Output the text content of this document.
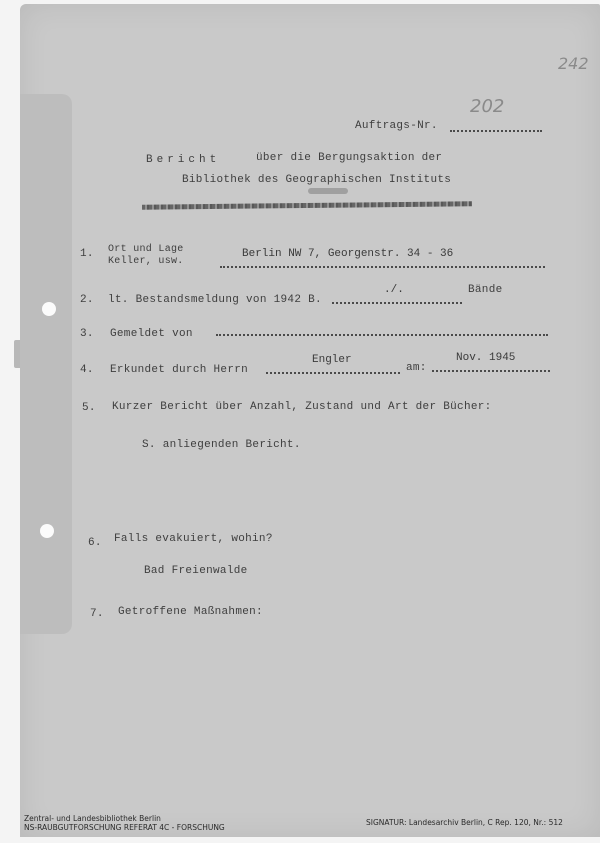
242
202
Auftrags-Nr.
Bericht	über die Bergungsaktion der
Bibliothek des Geographischen Instituts
1. Ort und Lage
Keller, usw.
Berlin NW 7, Georgenstr. 34 - 36
2. lt. Bestandsmeldung von 1942 B.
./.	Bände
3. Gemeldet von
4. Erkundet durch Herrn
Engler
am:
Nov. 1945
5. Kurzer Bericht über Anzahl, Zustand und Art der Bücher:
S. anliegenden Bericht.
6. Falls evakuiert, wohin?
Bad Freienwalde
7. Getroffene Maßnahmen:
Zentral- und Landesbibliothek Berlin
NS-RAUBGUTFORSCHUNG REFERAT 4C - FORSCHUNG
SIGNATUR: Landesarchiv Berlin, C Rep. 120, Nr.: 512
